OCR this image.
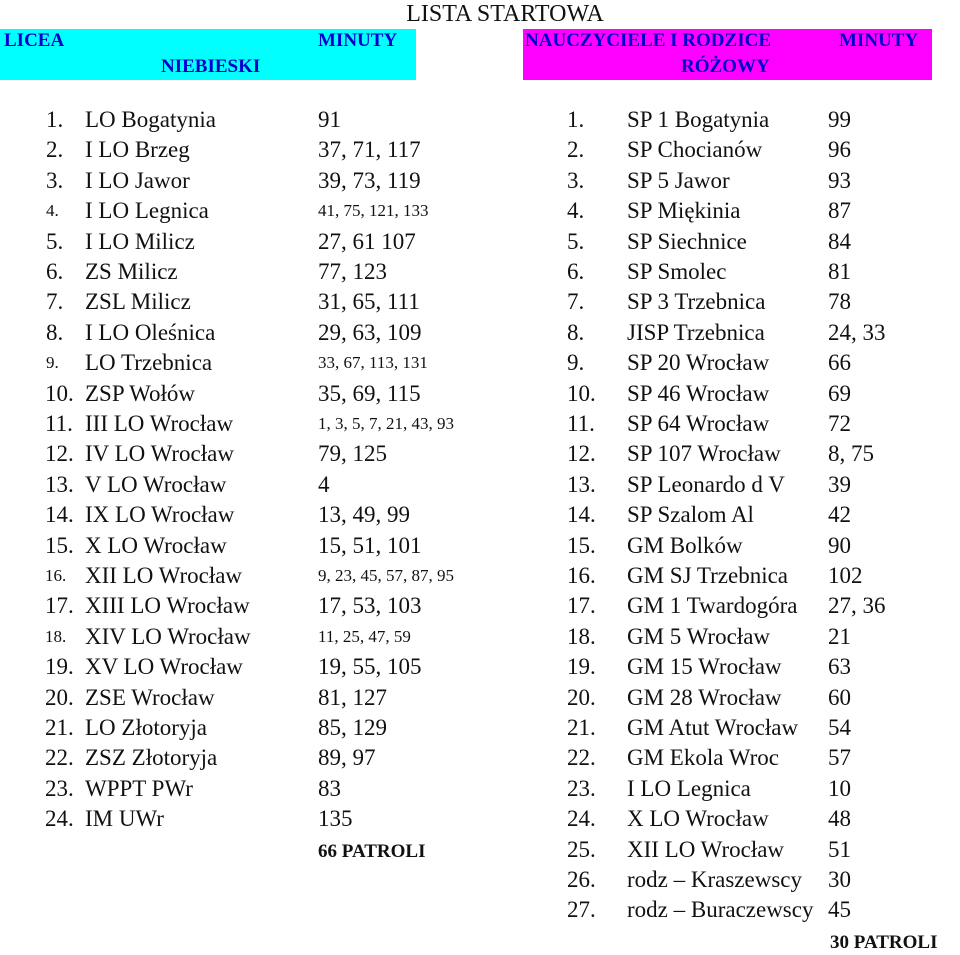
LISTA STARTOWA
LICEA	MINUTY
NIEBIESKI
NAUCZYCIELE I RODZICE	MINUTY
RÓŻOWY
1. LO Bogatynia	91
2. I LO Brzeg	37, 71, 117
3. I LO Jawor	39, 73, 119
4. I LO Legnica	41, 75, 121, 133
5. I LO Milicz	27, 61 107
6. ZS Milicz	77, 123
7. ZSL Milicz	31, 65, 111
8. I LO Oleśnica	29, 63, 109
9. LO Trzebnica	33, 67, 113, 131
10. ZSP Wołów	35, 69, 115
11. III LO Wrocław	1, 3, 5, 7, 21, 43, 93
12. IV LO Wrocław	79, 125
13. V LO Wrocław	4
14. IX LO Wrocław	13, 49, 99
15. X LO Wrocław	15, 51, 101
16. XII LO Wrocław	9, 23, 45, 57, 87, 95
17. XIII LO Wrocław	17, 53, 103
18. XIV LO Wrocław	11, 25, 47, 59
19. XV LO Wrocław	19, 55, 105
20. ZSE Wrocław	81, 127
21. LO Złotoryja	85, 129
22. ZSZ Złotoryja	89, 97
23. WPPT PWr	83
24. IM UWr	135
1. SP 1 Bogatynia	99
2. SP Chocianów	96
3. SP 5 Jawor	93
4. SP Miękinia	87
5. SP Siechnice	84
6. SP Smolec	81
7. SP 3 Trzebnica	78
8. JISP Trzebnica	24, 33
9. SP 20 Wrocław	66
10. SP 46 Wrocław	69
11. SP 64 Wrocław	72
12. SP 107 Wrocław 8, 75
13. SP Leonardo d V 39
14. SP Szalom Al	42
15. GM Bolków	90
16. GM SJ Trzebnica 102
17. GM 1 Twardogóra 27, 36
18. GM 5 Wrocław	21
19. GM 15 Wrocław 63
20. GM 28 Wrocław 60
21. GM Atut Wrocław 54
22. GM Ekola Wroc 57
23. I LO Legnica	10
24. X LO Wrocław	48
25. XII LO Wrocław 51
26. rodz – Kraszewscy 30
27. rodz – Buraczewscy 45
66 PATROLI
30 PATROLI
